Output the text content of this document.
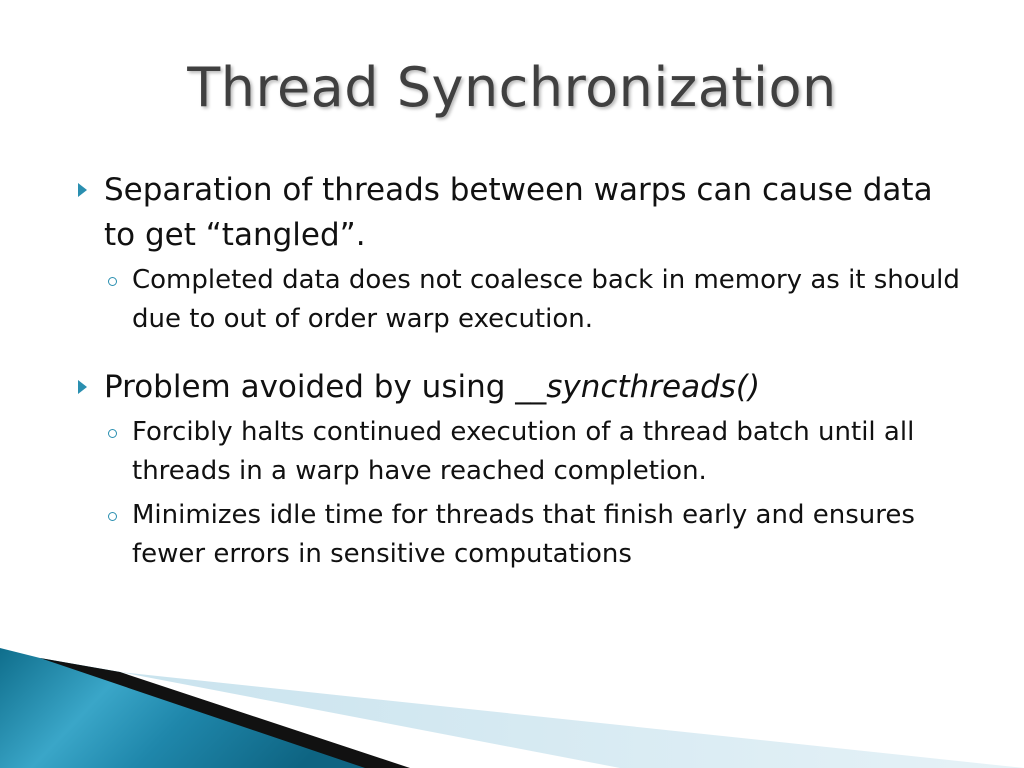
Thread Synchronization
Separation of threads between warps can cause data to get “tangled”.
Completed data does not coalesce back in memory as it should due to out of order warp execution.
Problem avoided by using __syncthreads()
Forcibly halts continued execution of a thread batch until all threads in a warp have reached completion.
Minimizes idle time for threads that finish early and ensures fewer errors in sensitive computations
